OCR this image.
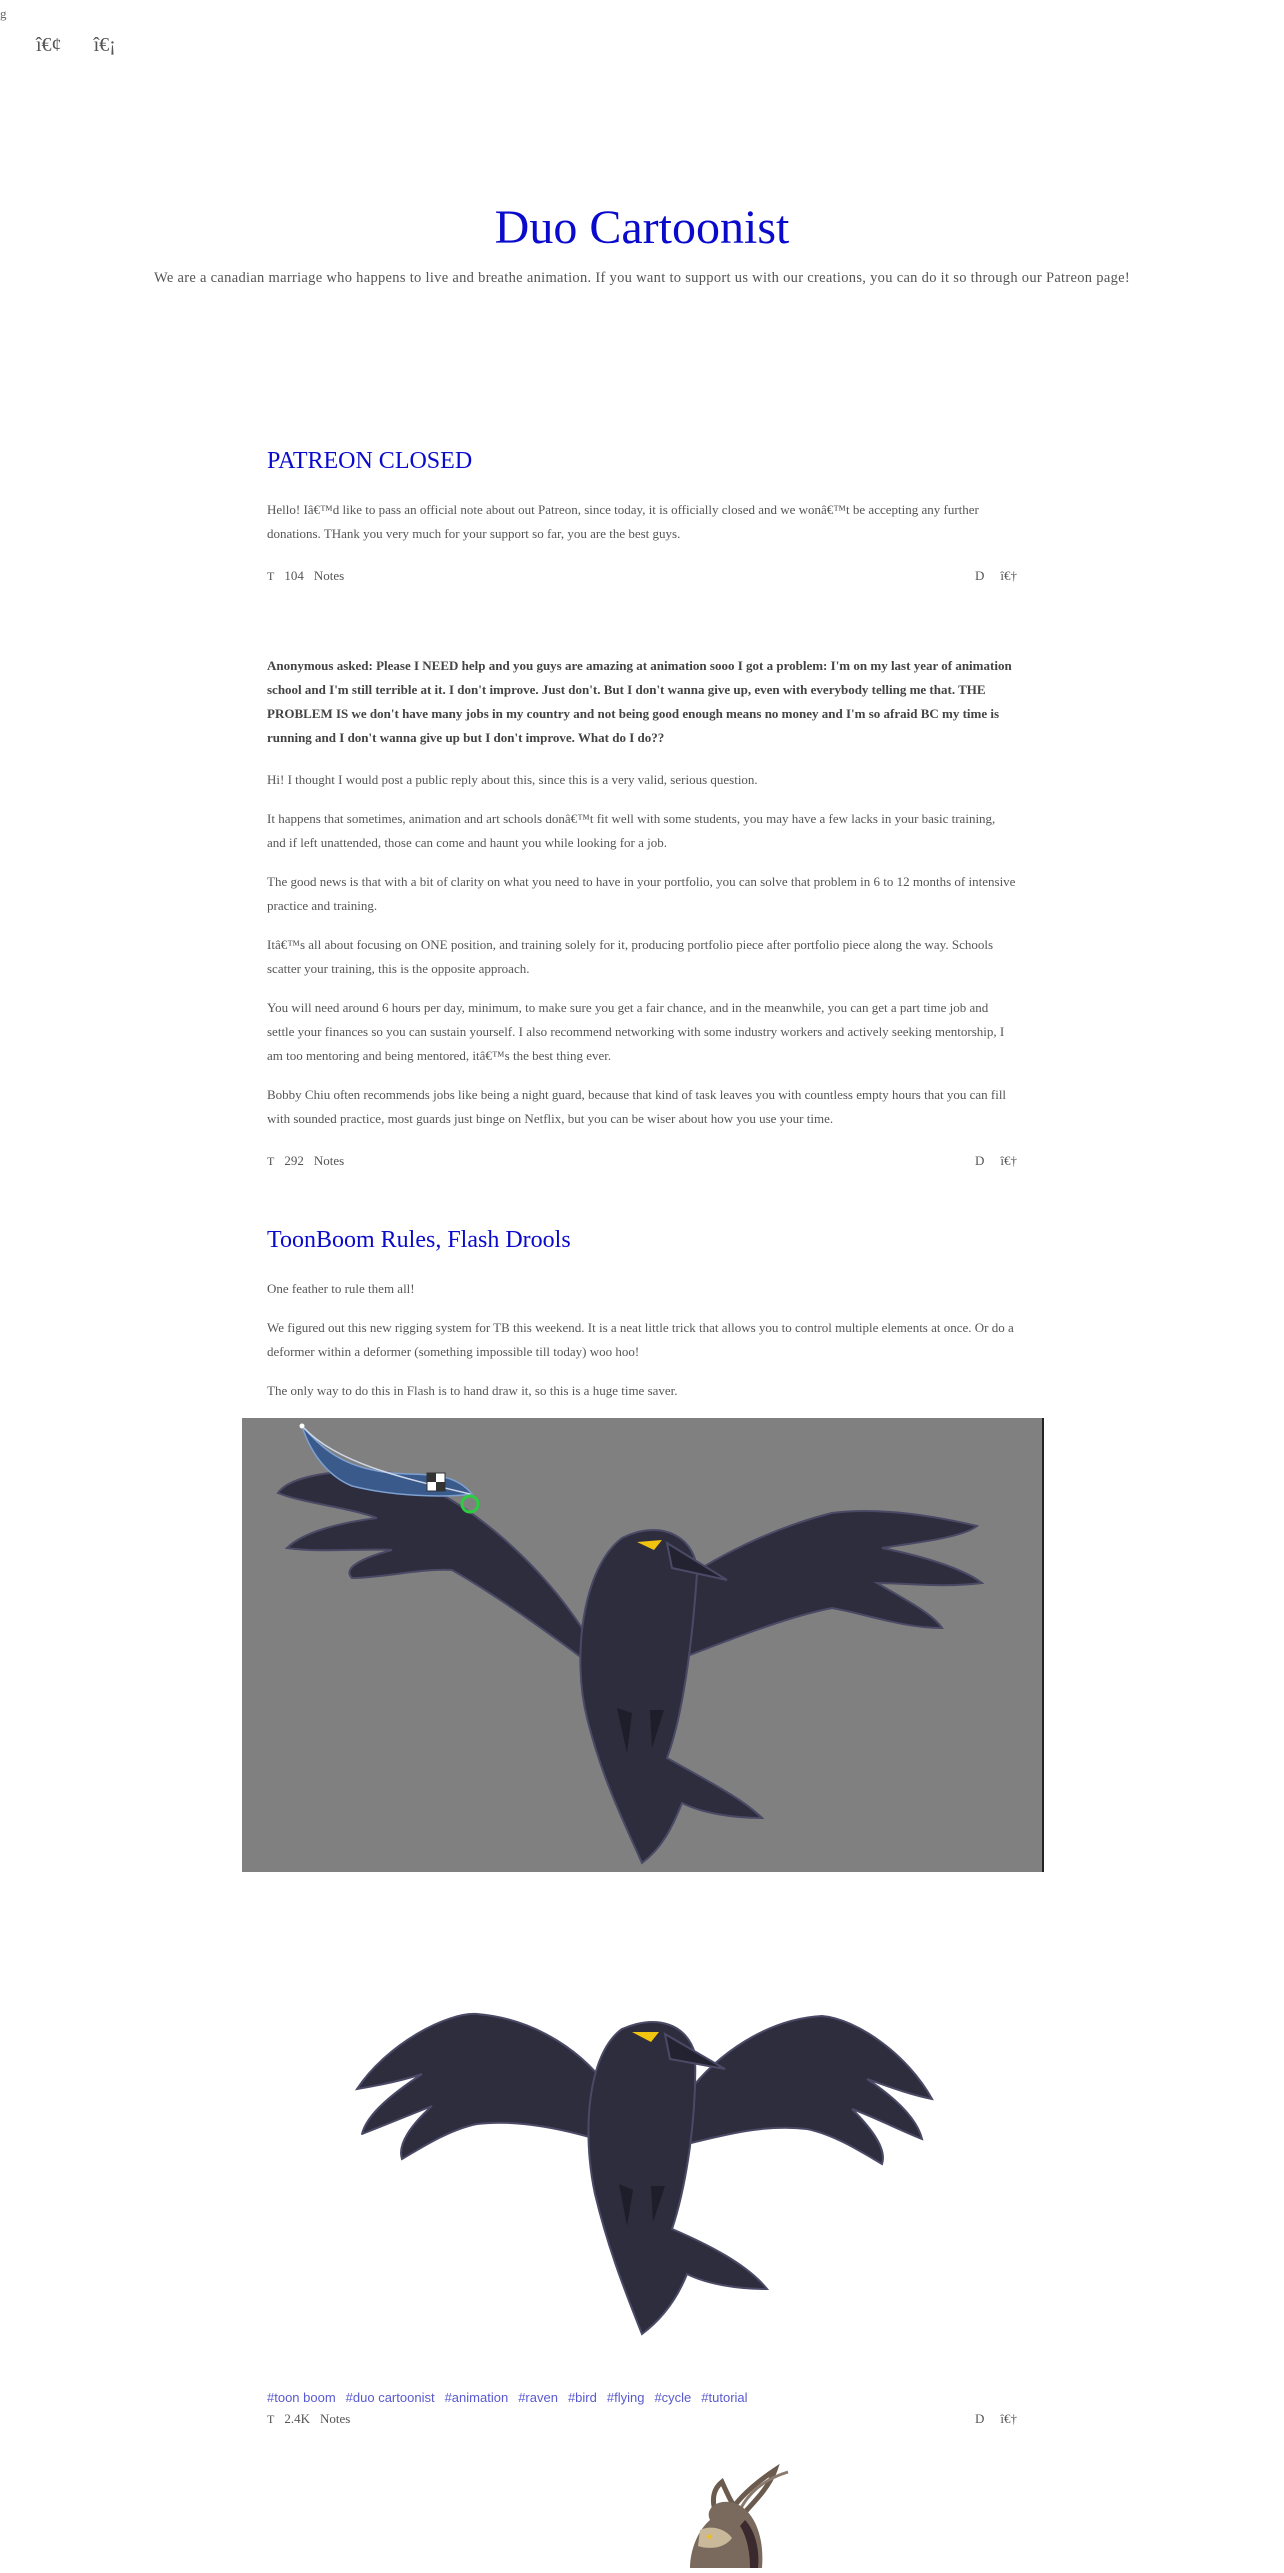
g
î€¢ î€¡
Duo Cartoonist

We are a canadian marriage who happens to live and breathe animation. If you want to support us with our creations, you can do it so through our Patreon page!

PATREON CLOSED

Hello! Iâ€™d like to pass an official note about out Patreon, since today, it is officially closed and we wonâ€™t be accepting any further donations. THank you very much for your support so far, you are the best guys.

T 104 Notes	D î€†

Anonymous asked: Please I NEED help and you guys are amazing at animation sooo I got a problem: I'm on my last year of animation school and I'm still terrible at it. I don't improve. Just don't. But I don't wanna give up, even with everybody telling me that. THE PROBLEM IS we don't have many jobs in my country and not being good enough means no money and I'm so afraid BC my time is running and I don't wanna give up but I don't improve. What do I do??

Hi! I thought I would post a public reply about this, since this is a very valid, serious question.

It happens that sometimes, animation and art schools donâ€™t fit well with some students, you may have a few lacks in your basic training, and if left unattended, those can come and haunt you while looking for a job.

The good news is that with a bit of clarity on what you need to have in your portfolio, you can solve that problem in 6 to 12 months of intensive practice and training.

Itâ€™s all about focusing on ONE position, and training solely for it, producing portfolio piece after portfolio piece along the way. Schools scatter your training, this is the opposite approach.

You will need around 6 hours per day, minimum, to make sure you get a fair chance, and in the meanwhile, you can get a part time job and settle your finances so you can sustain yourself. I also recommend networking with some industry workers and actively seeking mentorship, I am too mentoring and being mentored, itâ€™s the best thing ever.

Bobby Chiu often recommends jobs like being a night guard, because that kind of task leaves you with countless empty hours that you can fill with sounded practice, most guards just binge on Netflix, but you can be wiser about how you use your time.

T 292 Notes	D î€†
ToonBoom Rules, Flash Drools

One feather to rule them all!

We figured out this new rigging system for TB this weekend. It is a neat little trick that allows you to control multiple elements at once. Or do a deformer within a deformer (something impossible till today) woo hoo!

The only way to do this in Flash is to hand draw it, so this is a huge time saver.

#toon boom #duo cartoonist #animation #raven #bird #flying #cycle #tutorial
T 2.4K Notes	D î€†
